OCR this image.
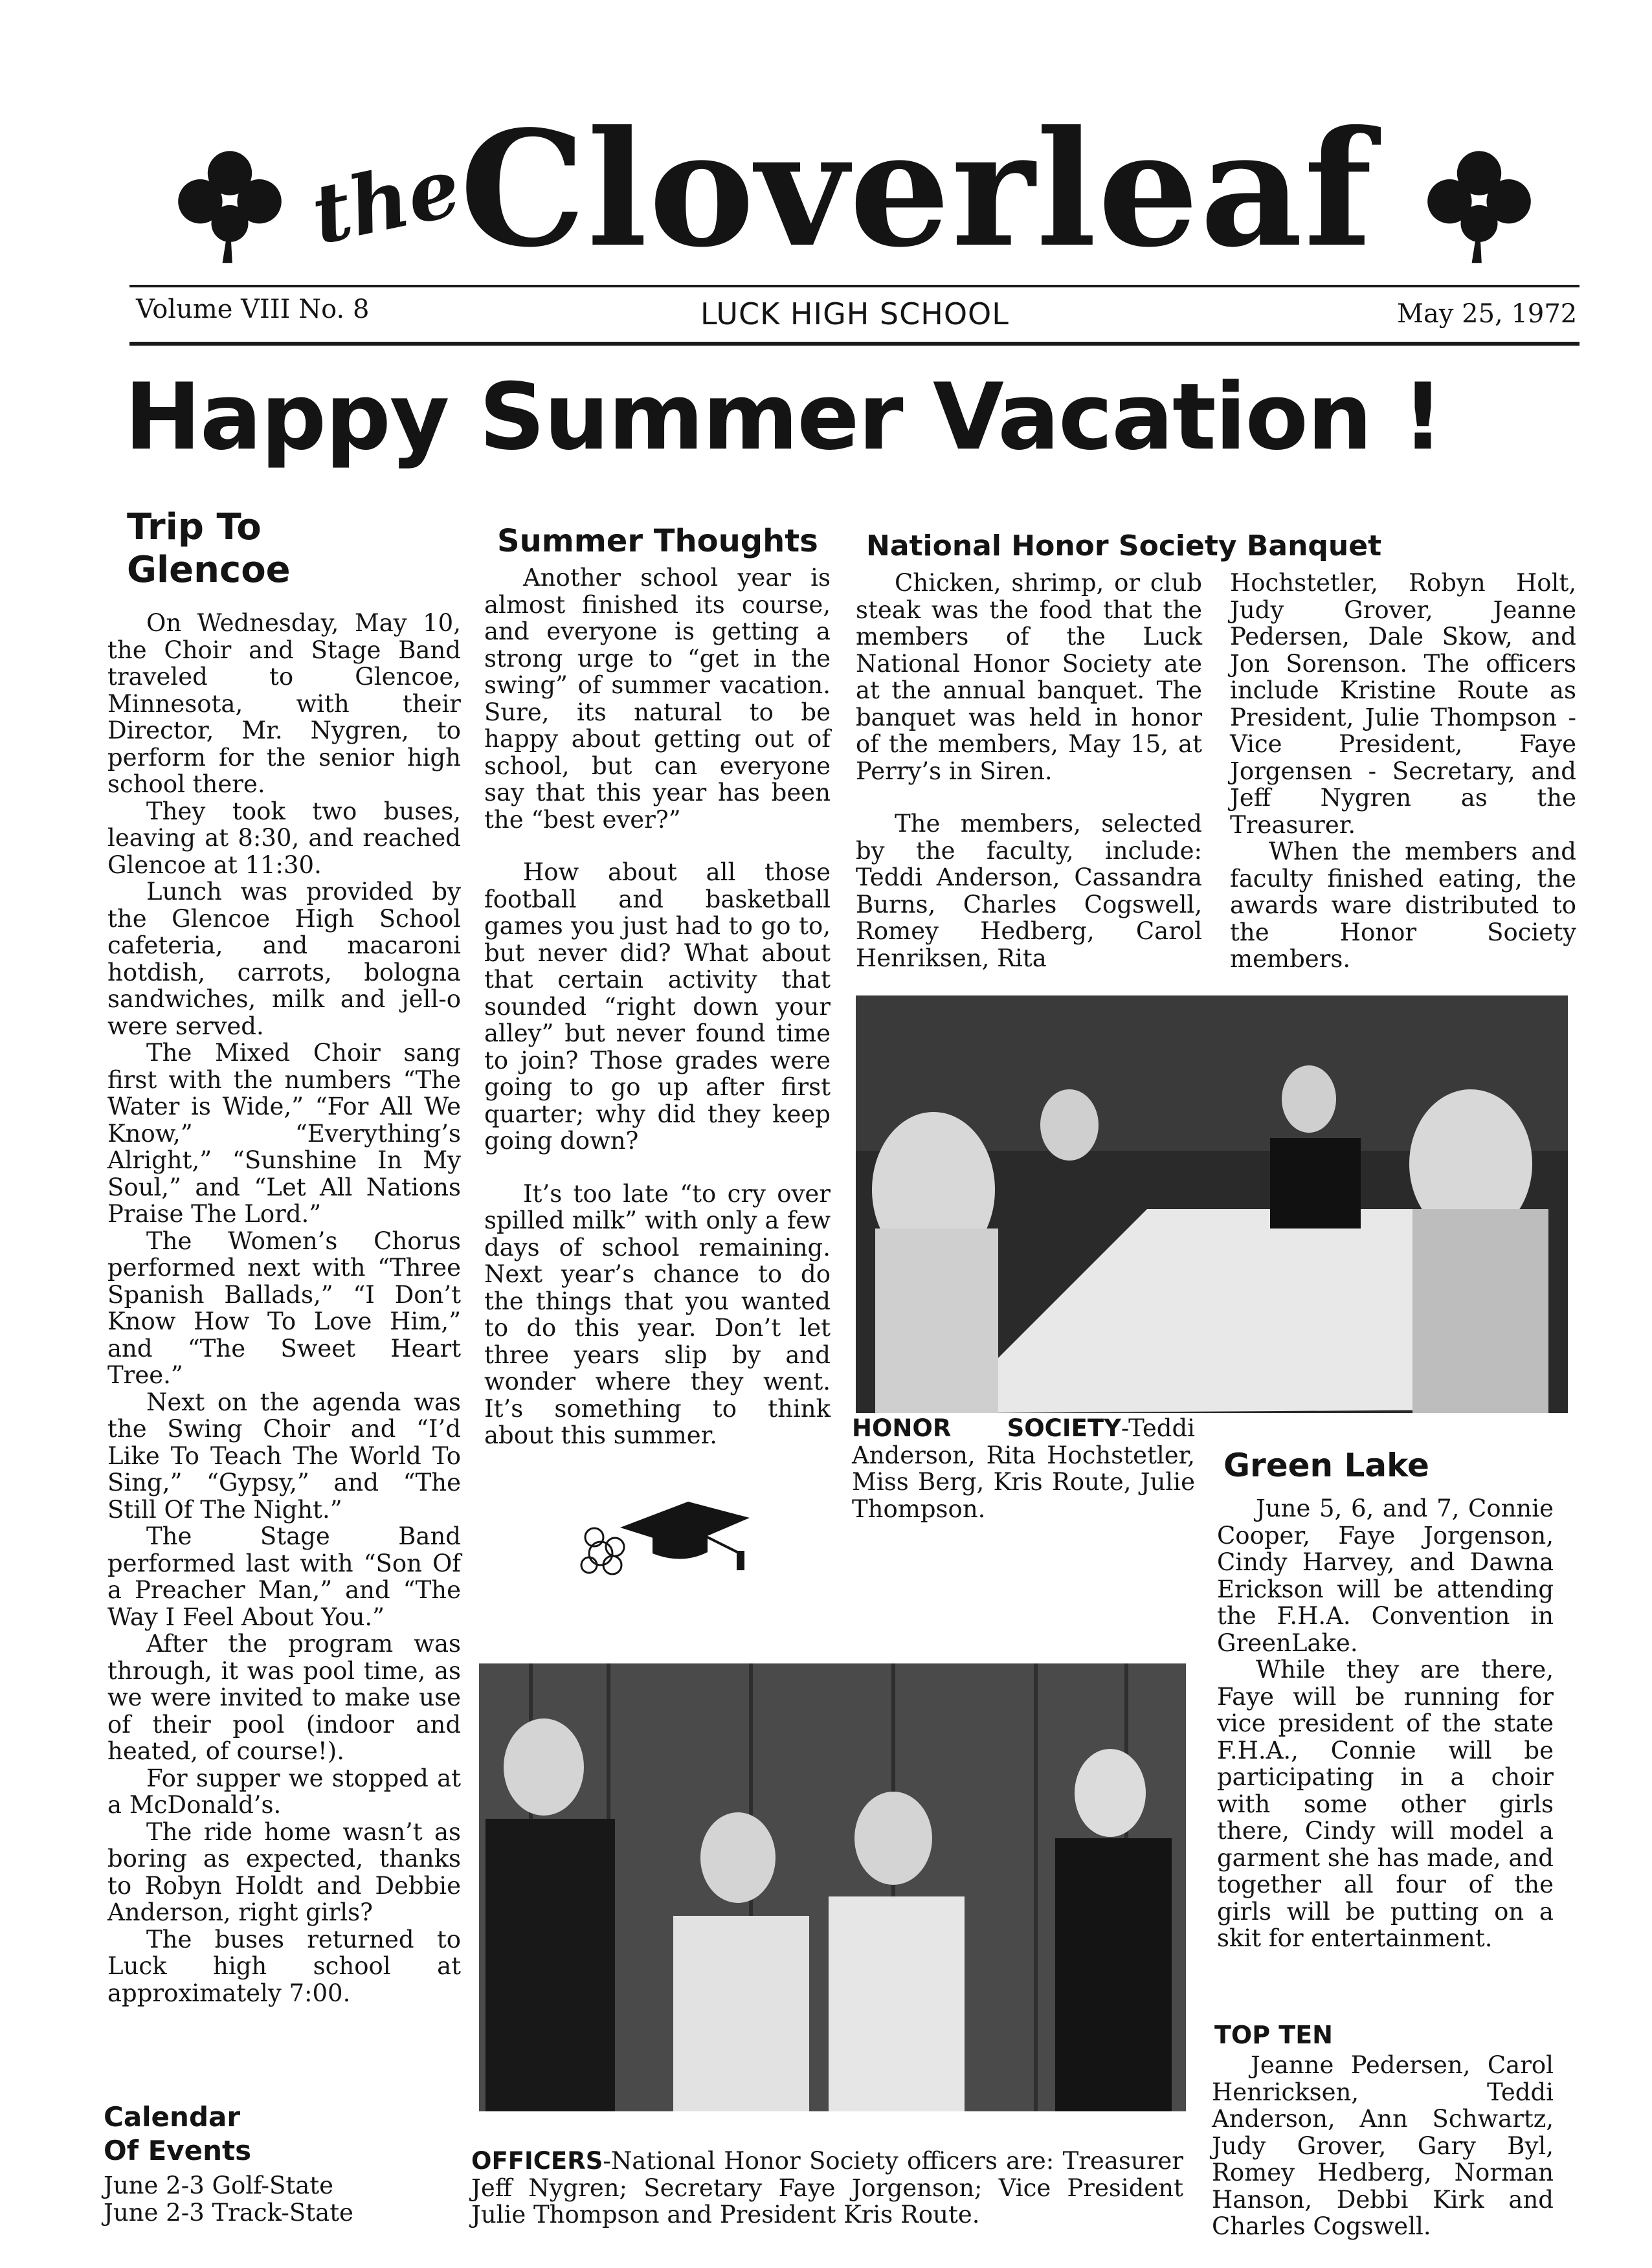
the
Cloverleaf
Volume VIII No. 8	LUCK HIGH SCHOOL	May 25, 1972
Happy Summer Vacation !
Trip To
Glencoe

On Wednesday, May 10, the Choir and Stage Band traveled to Glencoe, Minnesota, with their Director, Mr. Nygren, to perform for the senior high school there.

They took two buses, leaving at 8:30, and reached Glencoe at 11:30.

Lunch was provided by the Glencoe High School cafeteria, and macaroni hotdish, carrots, bologna sandwiches, milk and jell-o were served.

The Mixed Choir sang first with the numbers “The Water is Wide,” “For All We Know,” “Everything’s Alright,” “Sunshine In My Soul,” and “Let All Nations Praise The Lord.”

The Women’s Chorus performed next with “Three Spanish Ballads,” “I Don’t Know How To Love Him,” and “The Sweet Heart Tree.”

Next on the agenda was the Swing Choir and “I’d Like To Teach The World To Sing,” “Gypsy,” and “The Still Of The Night.”

The Stage Band performed last with “Son Of a Preacher Man,” and “The Way I Feel About You.”

After the program was through, it was pool time, as we were invited to make use of their pool (indoor and heated, of course!).

For supper we stopped at a McDonald’s.

The ride home wasn’t as boring as expected, thanks to Robyn Holdt and Debbie Anderson, right girls?

The buses returned to Luck high school at approximately 7:00.

Calendar
Of Events
June 2-3 Golf-State
June 2-3 Track-State
Summer Thoughts

Another school year is almost finished its course, and everyone is getting a strong urge to “get in the swing” of summer vacation. Sure, its natural to be happy about getting out of school, but can everyone say that this year has been the “best ever?”

How about all those football and basketball games you just had to go to, but never did? What about that certain activity that sounded “right down your alley” but never found time to join? Those grades were going to go up after first quarter; why did they keep going down?

It’s too late “to cry over spilled milk” with only a few days of school remaining. Next year’s chance to do the things that you wanted to do this year. Don’t let three years slip by and wonder where they went. It’s something to think about this summer.

National Honor Society Banquet

Chicken, shrimp, or club steak was the food that the members of the Luck National Honor Society ate at the annual banquet. The banquet was held in honor of the members, May 15, at Perry’s in Siren.

The members, selected by the faculty, include: Teddi Anderson, Cassandra Burns, Charles Cogswell, Romey Hedberg, Carol Henriksen, Rita

Hochstetler, Robyn Holt, Judy Grover, Jeanne Pedersen, Dale Skow, and Jon Sorenson. The officers include Kristine Route as President, Julie Thompson - Vice President, Faye Jorgensen - Secretary, and Jeff Nygren as the Treasurer.

When the members and faculty finished eating, the awards ware distributed to the Honor Society members.

HONOR SOCIETY-Teddi Anderson, Rita Hochstetler, Miss Berg, Kris Route, Julie Thompson.
Green Lake

June 5, 6, and 7, Connie Cooper, Faye Jorgenson, Cindy Harvey, and Dawna Erickson will be attending the F.H.A. Convention in GreenLake.

While they are there, Faye will be running for vice president of the state F.H.A., Connie will be participating in a choir with some other girls there, Cindy will model a garment she has made, and together all four of the girls will be putting on a skit for entertainment.

OFFICERS-National Honor Society officers are: Treasurer Jeff Nygren; Secretary Faye Jorgenson; Vice President Julie Thompson and President Kris Route.
TOP TEN

Jeanne Pedersen, Carol Henricksen, Teddi Anderson, Ann Schwartz, Judy Grover, Gary Byl, Romey Hedberg, Norman Hanson, Debbi Kirk and Charles Cogswell.
